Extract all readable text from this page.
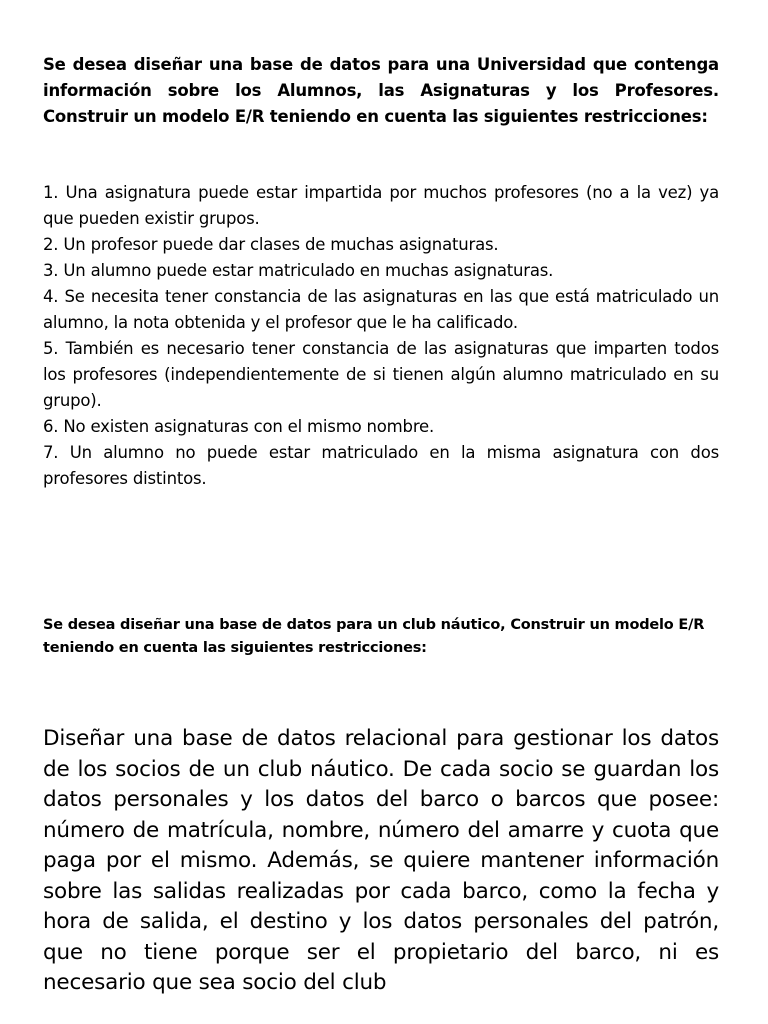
Se desea diseñar una base de datos para una Universidad que contenga información sobre los Alumnos, las Asignaturas y los Profesores. Construir un modelo E/R teniendo en cuenta las siguientes restricciones:

1. Una asignatura puede estar impartida por muchos profesores (no a la vez) ya que pueden existir grupos.
2. Un profesor puede dar clases de muchas asignaturas.
3. Un alumno puede estar matriculado en muchas asignaturas.
4. Se necesita tener constancia de las asignaturas en las que está matriculado un alumno, la nota obtenida y el profesor que le ha calificado.
5. También es necesario tener constancia de las asignaturas que imparten todos los profesores (independientemente de si tienen algún alumno matriculado en su grupo).
6. No existen asignaturas con el mismo nombre.
7. Un alumno no puede estar matriculado en la misma asignatura con dos profesores distintos.

Se desea diseñar una base de datos para un club náutico, Construir un modelo E/R teniendo en cuenta las siguientes restricciones:

Diseñar una base de datos relacional para gestionar los datos de los socios de un club náutico. De cada socio se guardan los datos personales y los datos del barco o barcos que posee: número de matrícula, nombre, número del amarre y cuota que paga por el mismo. Además, se quiere mantener información sobre las salidas realizadas por cada barco, como la fecha y hora de salida, el destino y los datos personales del patrón, que no tiene porque ser el propietario del barco, ni es necesario que sea socio del club
